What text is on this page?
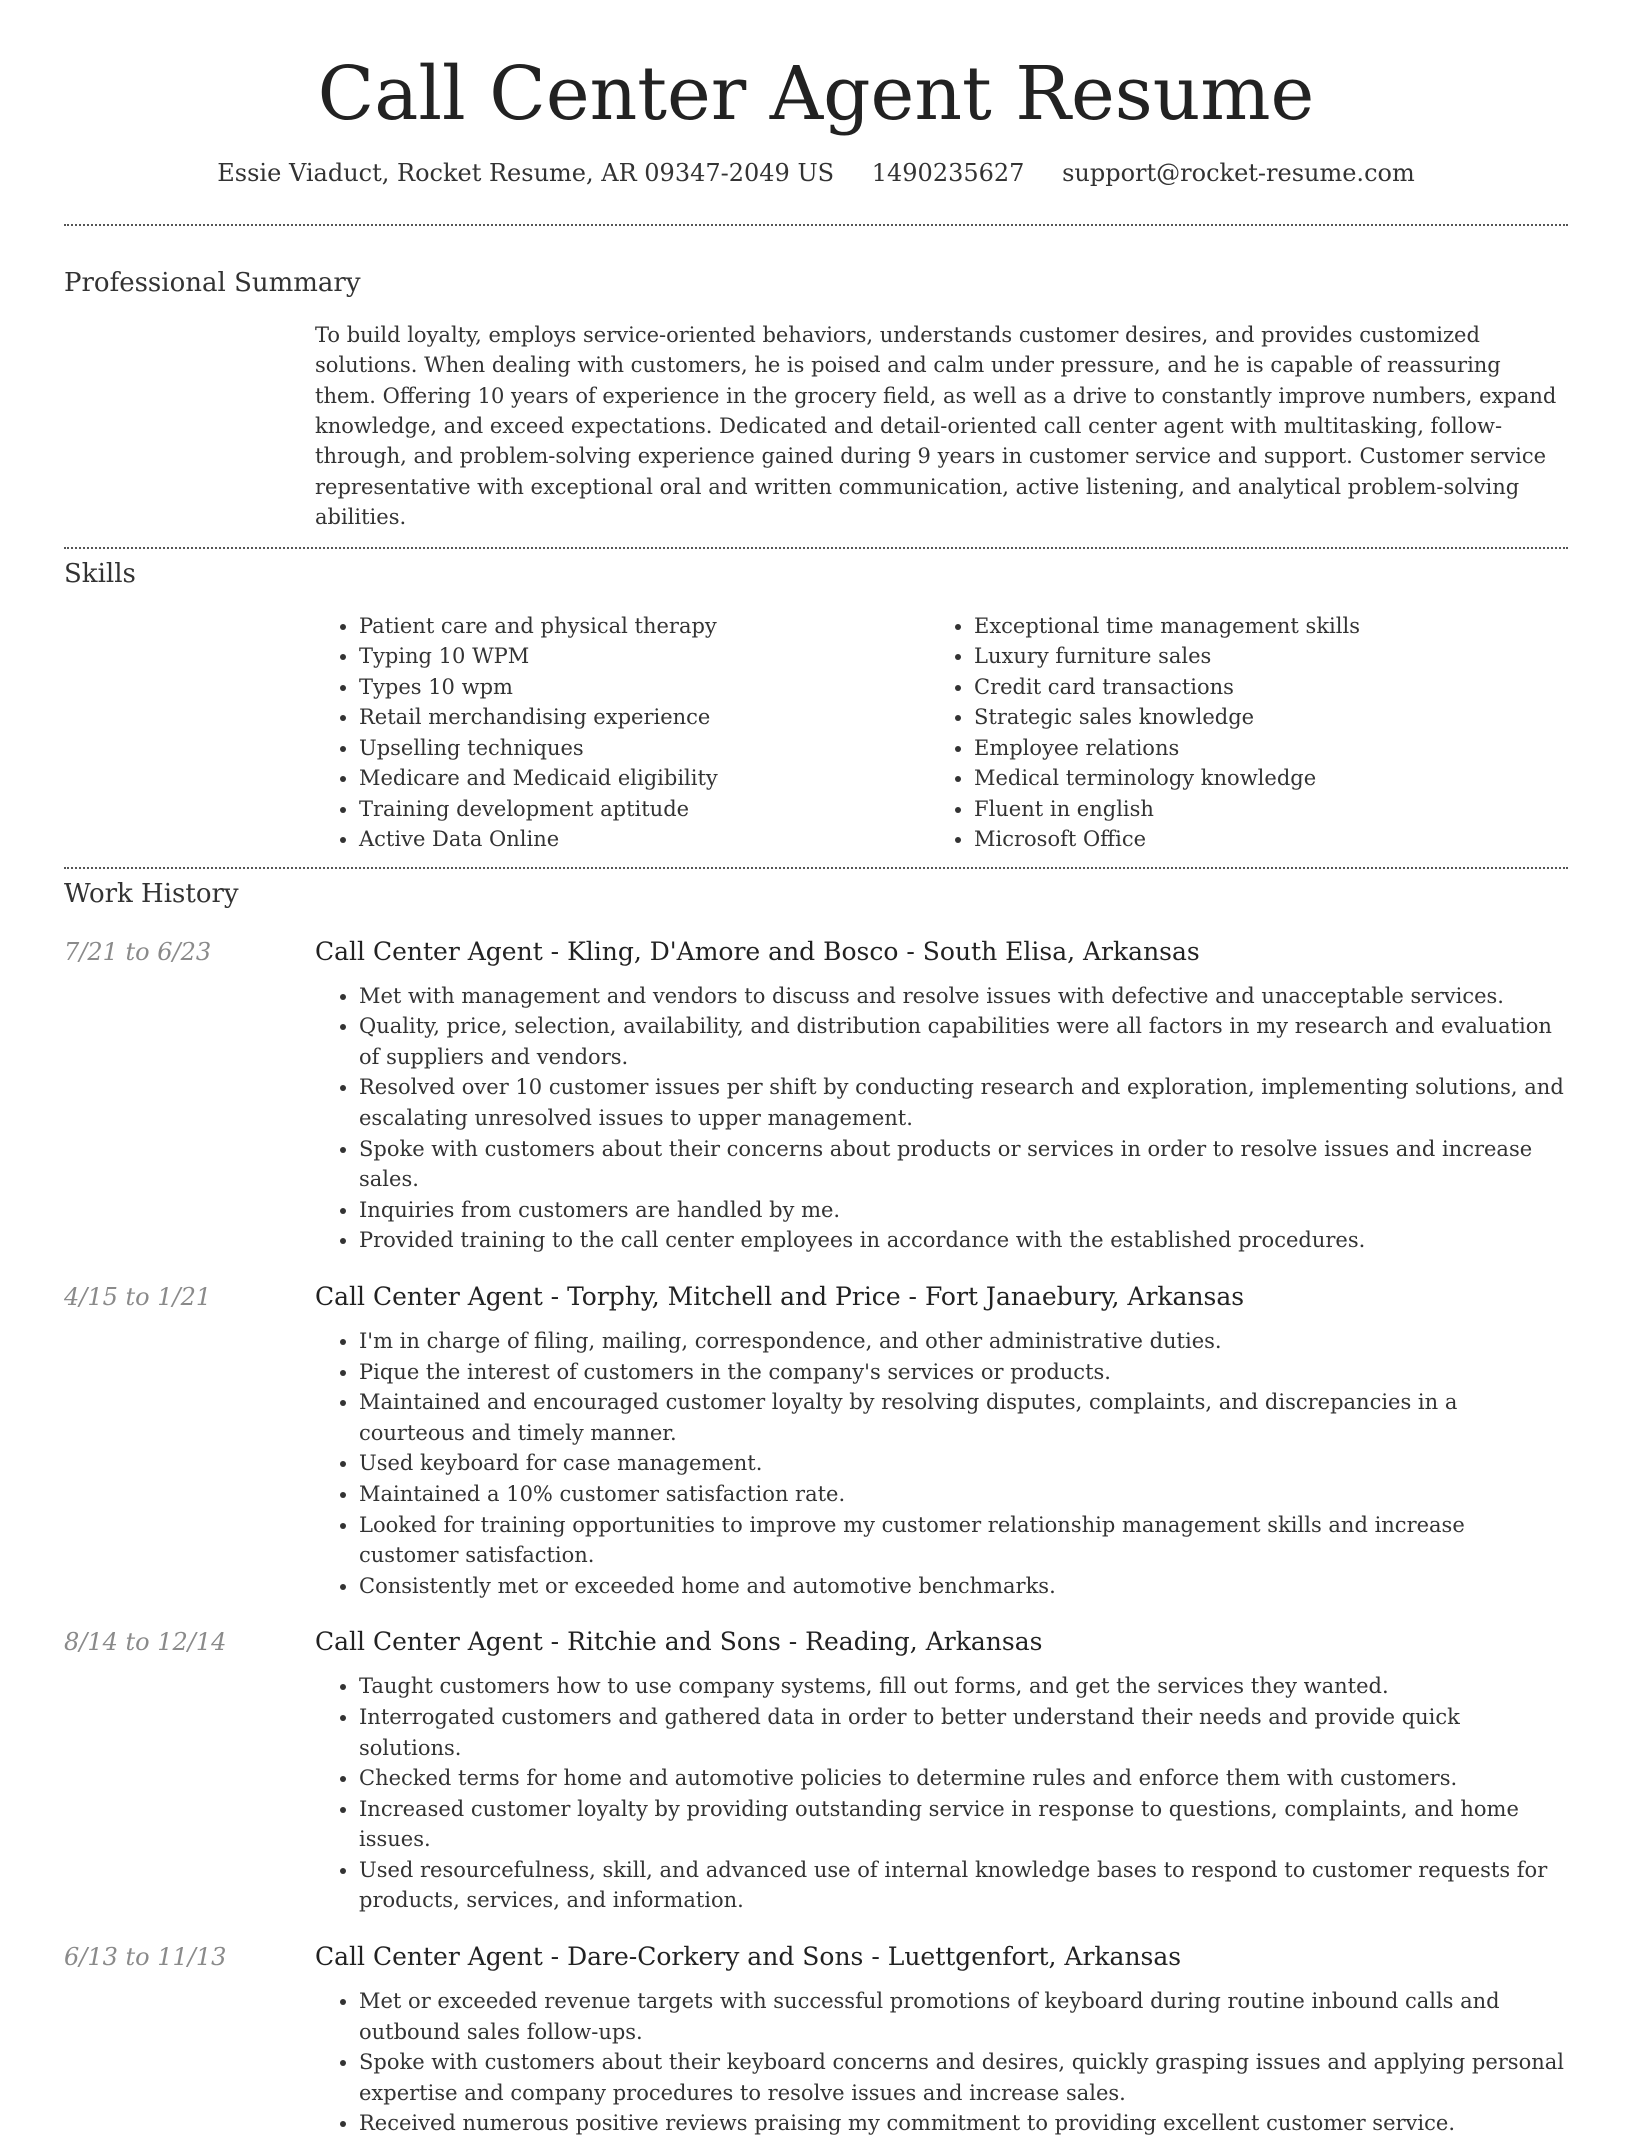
Call Center Agent Resume
Essie Viaduct, Rocket Resume, AR 09347-2049 US 1490235627 support@rocket-resume.com
Professional Summary

To build loyalty, employs service-oriented behaviors, understands customer desires, and provides customized solutions. When dealing with customers, he is poised and calm under pressure, and he is capable of reassuring them. Offering 10 years of experience in the grocery field, as well as a drive to constantly improve numbers, expand knowledge, and exceed expectations. Dedicated and detail-oriented call center agent with multitasking, follow-through, and problem-solving experience gained during 9 years in customer service and support. Customer service representative with exceptional oral and written communication, active listening, and analytical problem-solving abilities.

Skills
• Patient care and physical therapy
• Typing 10 WPM
• Types 10 wpm
• Retail merchandising experience
• Upselling techniques
• Medicare and Medicaid eligibility
• Training development aptitude
• Active Data Online
• Exceptional time management skills
• Luxury furniture sales
• Credit card transactions
• Strategic sales knowledge
• Employee relations
• Medical terminology knowledge
• Fluent in english
• Microsoft Office
Work History
7/21 to 6/23	Call Center Agent - Kling, D'Amore and Bosco - South Elisa, Arkansas
• Met with management and vendors to discuss and resolve issues with defective and unacceptable services.
• Quality, price, selection, availability, and distribution capabilities were all factors in my research and evaluation of suppliers and vendors.
• Resolved over 10 customer issues per shift by conducting research and exploration, implementing solutions, and escalating unresolved issues to upper management.
• Spoke with customers about their concerns about products or services in order to resolve issues and increase sales.
• Inquiries from customers are handled by me.
• Provided training to the call center employees in accordance with the established procedures.
4/15 to 1/21	Call Center Agent - Torphy, Mitchell and Price - Fort Janaebury, Arkansas
• I'm in charge of filing, mailing, correspondence, and other administrative duties.
• Pique the interest of customers in the company's services or products.
• Maintained and encouraged customer loyalty by resolving disputes, complaints, and discrepancies in a courteous and timely manner.
• Used keyboard for case management.
• Maintained a 10% customer satisfaction rate.
• Looked for training opportunities to improve my customer relationship management skills and increase customer satisfaction.
• Consistently met or exceeded home and automotive benchmarks.
8/14 to 12/14	Call Center Agent - Ritchie and Sons - Reading, Arkansas
• Taught customers how to use company systems, fill out forms, and get the services they wanted.
• Interrogated customers and gathered data in order to better understand their needs and provide quick solutions.
• Checked terms for home and automotive policies to determine rules and enforce them with customers.
• Increased customer loyalty by providing outstanding service in response to questions, complaints, and home issues.
• Used resourcefulness, skill, and advanced use of internal knowledge bases to respond to customer requests for products, services, and information.
6/13 to 11/13	Call Center Agent - Dare-Corkery and Sons - Luettgenfort, Arkansas
• Met or exceeded revenue targets with successful promotions of keyboard during routine inbound calls and outbound sales follow-ups.
• Spoke with customers about their keyboard concerns and desires, quickly grasping issues and applying personal expertise and company procedures to resolve issues and increase sales.
• Received numerous positive reviews praising my commitment to providing excellent customer service.
